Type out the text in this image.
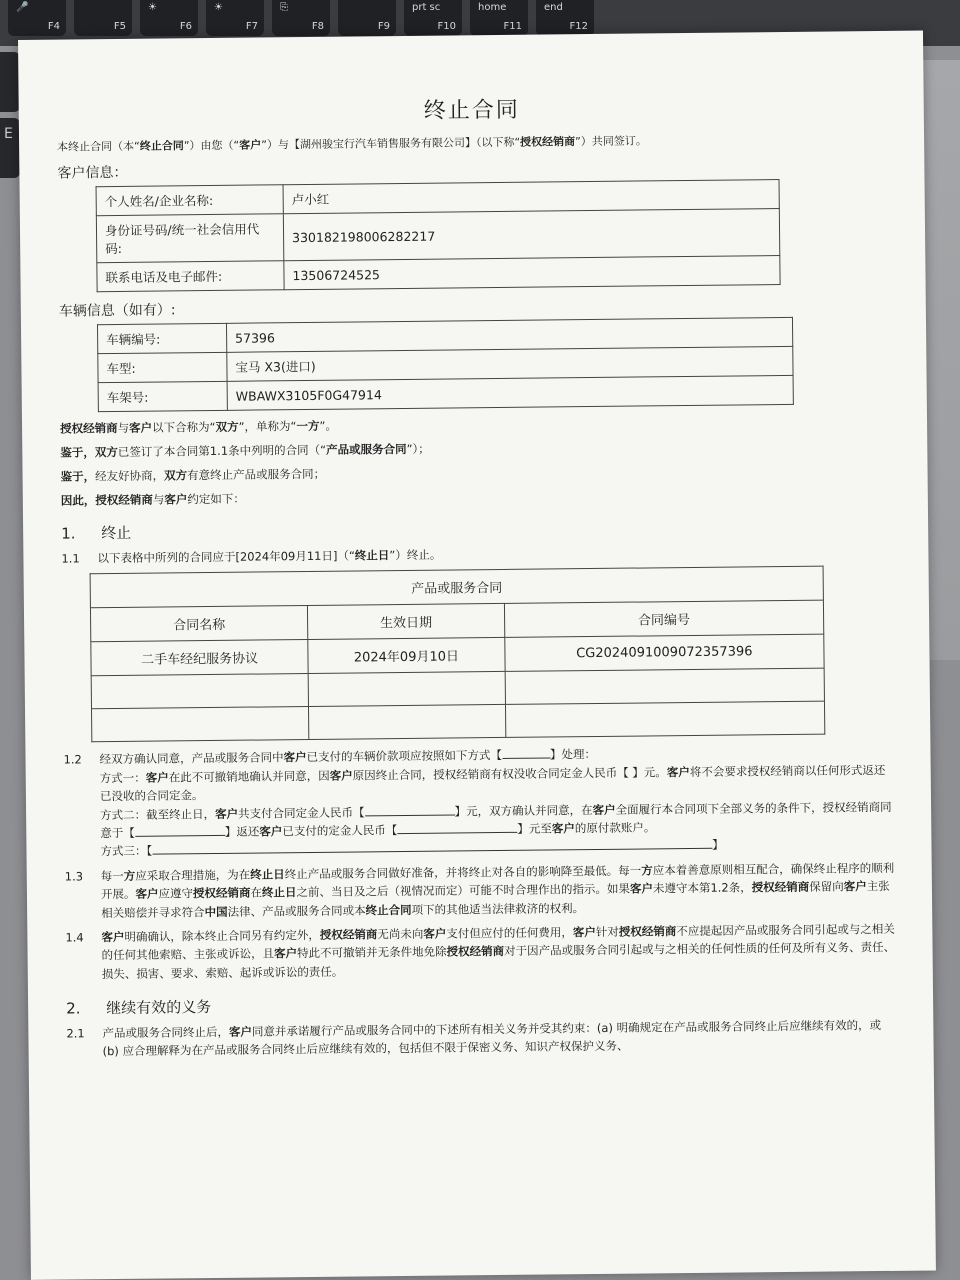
🎤
F4	F5
☀
F6
☀
F7
⎘
F8	F9
prt sc
F10
home
F11
end
F12
E
终止合同
本终止合同（本“终止合同”）由您（“客户”）与【湖州骏宝行汽车销售服务有限公司】（以下称“授权经销商”）共同签订。
客户信息：
个人姓名/企业名称:	卢小红
身份证号码/统一社会信用代码:	330182198006282217
联系电话及电子邮件:	13506724525
车辆信息（如有）:
车辆编号:	57396
车型:	宝马 X3(进口)
车架号:	WBAWX3105F0G47914
授权经销商与客户以下合称为“双方”，单称为“一方”。
鉴于，双方已签订了本合同第1.1条中列明的合同（“产品或服务合同”）；
鉴于，经友好协商，双方有意终止产品或服务合同；
因此，授权经销商与客户约定如下：
1. 终止
1.1	以下表格中所列的合同应于[2024年09月11日]（“终止日”）终止。
产品或服务合同		
合同名称	生效日期	合同编号
二手车经纪服务协议	2024年09月10日	CG2024091009072357396

1.2	经双方确认同意，产品或服务合同中客户已支付的车辆价款项应按照如下方式【	】处理：
方式一：客户在此不可撤销地确认并同意，因客户原因终止合同，授权经销商有权没收合同定金人民币【 】元。客户将不会要求授权经销商以任何形式返还已没收的合同定金。
方式二：截至终止日，客户共支付合同定金人民币【	】元，双方确认并同意，在客户全面履行本合同项下全部义务的条件下，授权经销商同意于【	】返还客户已支付的定金人民币【	】元至客户的原付款账户。
方式三：【	】
1.3	每一方应采取合理措施，为在终止日终止产品或服务合同做好准备，并将终止对各自的影响降至最低。每一方应本着善意原则相互配合，确保终止程序的顺利开展。客户应遵守授权经销商在终止日之前、当日及之后（视情况而定）可能不时合理作出的指示。如果客户未遵守本第1.2条，授权经销商保留向客户主张相关赔偿并寻求符合中国法律、产品或服务合同或本终止合同项下的其他适当法律救济的权利。
1.4	客户明确确认，除本终止合同另有约定外，授权经销商无尚未向客户支付但应付的任何费用，客户针对授权经销商不应提起因产品或服务合同引起或与之相关的任何其他索赔、主张或诉讼，且客户特此不可撤销并无条件地免除授权经销商对于因产品或服务合同引起或与之相关的任何性质的任何及所有义务、责任、损失、损害、要求、索赔、起诉或诉讼的责任。
2. 继续有效的义务
2.1	产品或服务合同终止后，客户同意并承诺履行产品或服务合同中的下述所有相关义务并受其约束：(a) 明确规定在产品或服务合同终止后应继续有效的，或 (b) 应合理解释为在产品或服务合同终止后应继续有效的，包括但不限于保密义务、知识产权保护义务、
